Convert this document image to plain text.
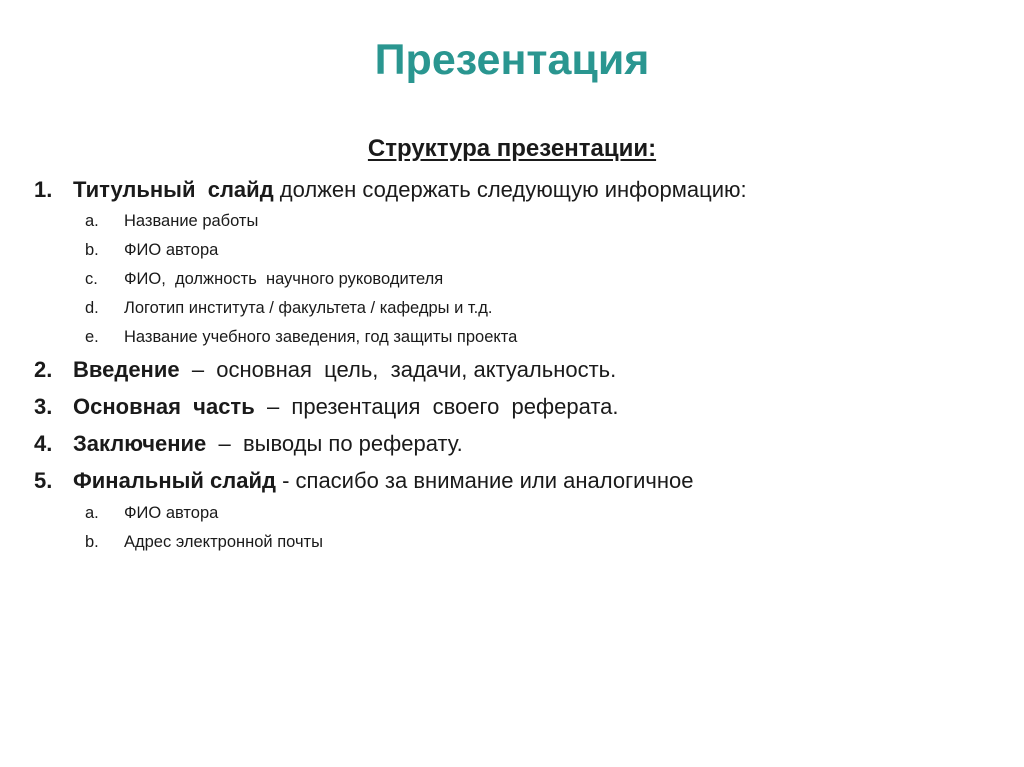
Презентация
Структура презентации:
1. Титульный  слайд должен содержать следующую информацию:
a. Название работы
b. ФИО автора
c. ФИО,  должность  научного руководителя
d. Логотип института / факультета / кафедры и т.д.
e. Название учебного заведения, год защиты проекта
2. Введение  –  основная  цель,  задачи, актуальность.
3. Основная  часть  –  презентация  своего  реферата.
4. Заключение  –  выводы по реферату.
5. Финальный слайд - спасибо за внимание или аналогичное
a. ФИО автора
b. Адрес электронной почты
